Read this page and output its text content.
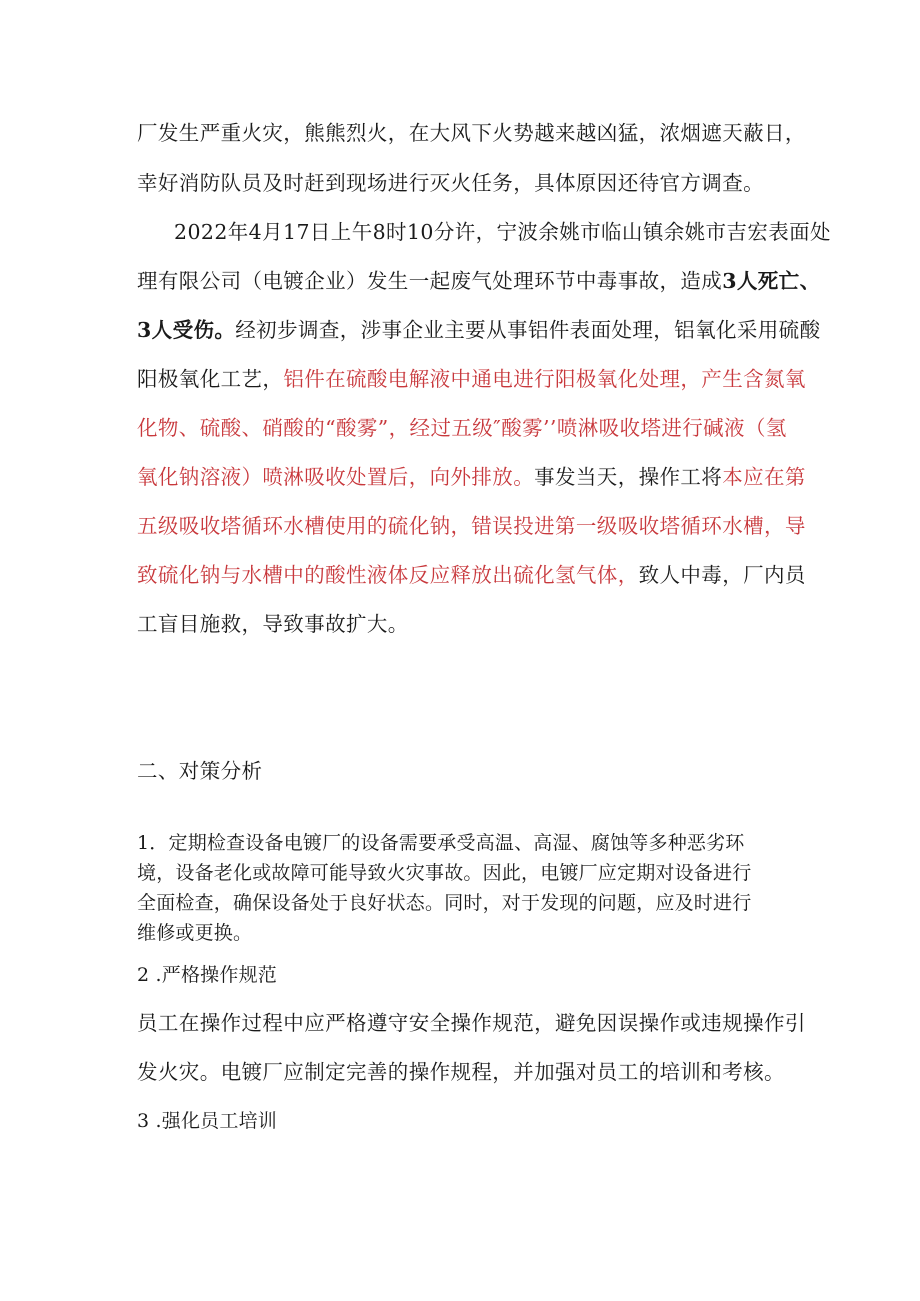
厂发生严重火灾，熊熊烈火，在大风下火势越来越凶猛，浓烟遮天蔽日，
幸好消防队员及时赶到现场进行灭火任务，具体原因还待官方调查。
2022年4月17日上午8时10分许，宁波余姚市临山镇余姚市吉宏表面处
理有限公司（电镀企业）发生一起废气处理环节中毒事故，造成3人死亡、
3人受伤。经初步调查，涉事企业主要从事铝件表面处理，铝氧化采用硫酸
阳极氧化工艺，铝件在硫酸电解液中通电进行阳极氧化处理，产生含氮氧
化物、硫酸、硝酸的“酸雾”，经过五级″酸雾’’喷淋吸收塔进行碱液（氢
氧化钠溶液）喷淋吸收处置后，向外排放。事发当天，操作工将本应在第
五级吸收塔循环水槽使用的硫化钠，错误投进第一级吸收塔循环水槽，导
致硫化钠与水槽中的酸性液体反应释放出硫化氢气体，致人中毒，厂内员
工盲目施救，导致事故扩大。
二、对策分析
1．定期检查设备电镀厂的设备需要承受高温、高湿、腐蚀等多种恶劣环
境，设备老化或故障可能导致火灾事故。因此，电镀厂应定期对设备进行
全面检查，确保设备处于良好状态。同时，对于发现的问题，应及时进行
维修或更换。
2 .严格操作规范
员工在操作过程中应严格遵守安全操作规范，避免因误操作或违规操作引
发火灾。电镀厂应制定完善的操作规程，并加强对员工的培训和考核。
3 .强化员工培训
